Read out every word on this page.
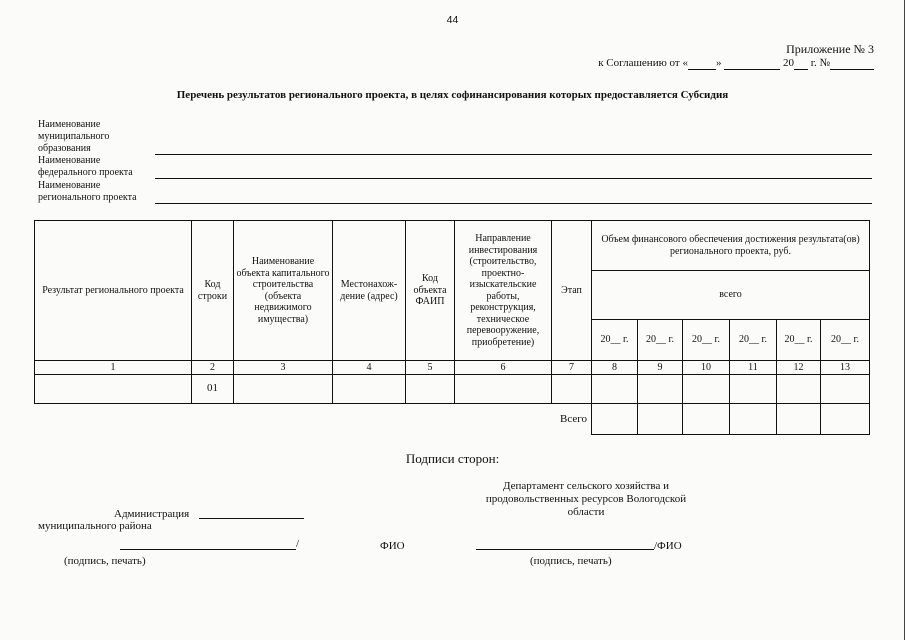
44
Приложение № 3
к Соглашению от «	»	20 г. №
Перечень результатов регионального проекта, в целях софинансирования которых предоставляется Субсидия
Наименование муниципального образования
Наименование федерального проекта
Наименование регионального проекта
Результат регионального проекта	Код строки	Наименование объекта капитального строительства (объекта недвижимого имущества)	Местонахож-дение (адрес)	Код объекта ФАИП	Направление инвестирования (строительство, проектно-изыскательские работы, реконструкция, техническое перевооружение, приобретение)	Этап	Объем финансового обеспечения достижения результата(ов) регионального проекта, руб.					
							всего					
							20__ г.	20__ г.	20__ г.	20__ г.	20__ г.	20__ г.
1	2	3	4	5	6	7	8	9	10	11	12	13
	01											

Всего												

Подписи сторон:
Департамент сельского хозяйства и продовольственных ресурсов Вологодской области
Администрация
муниципального района
/	ФИО	/ФИО
(подпись, печать)	(подпись, печать)
